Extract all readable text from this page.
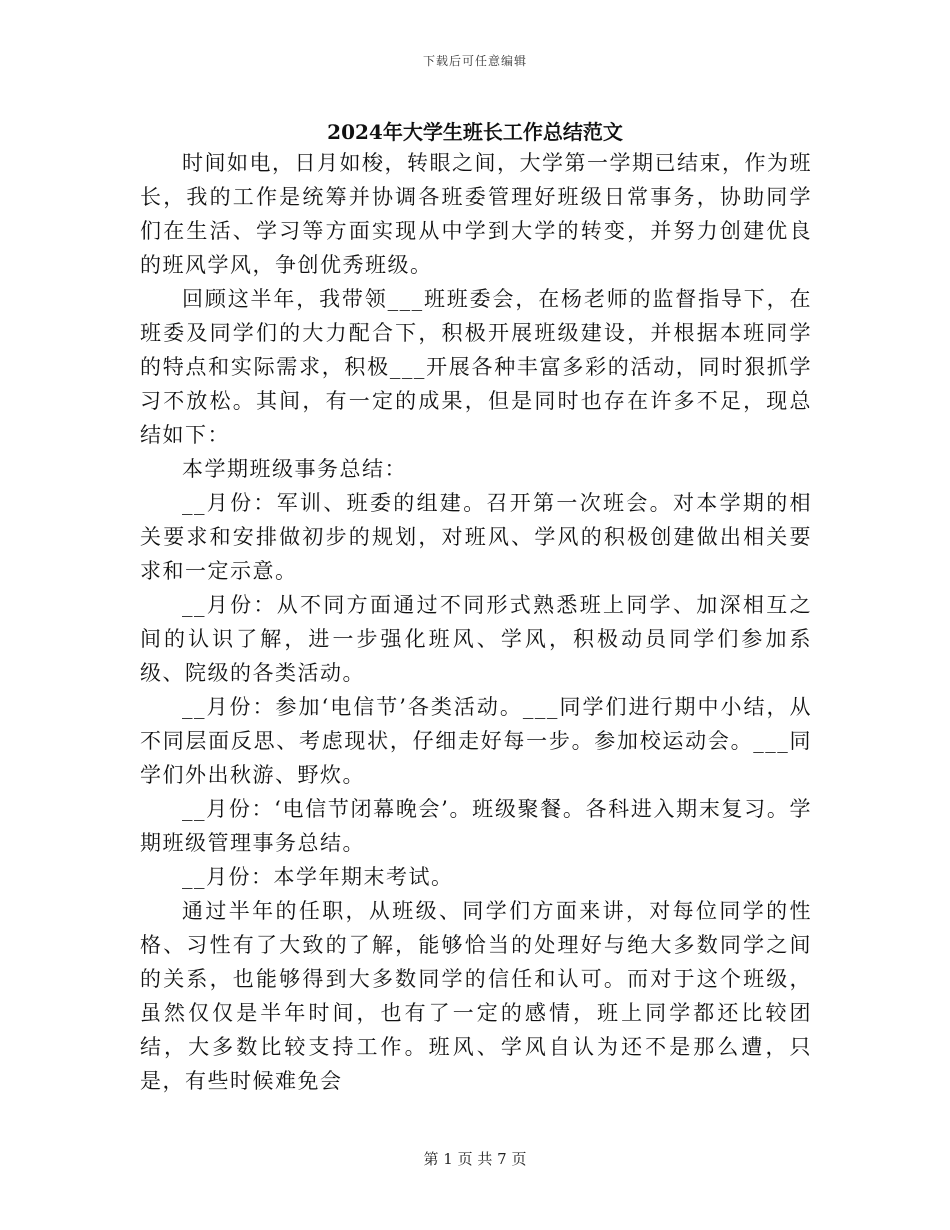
下载后可任意编辑
2024年大学生班长工作总结范文

时间如电，日月如梭，转眼之间，大学第一学期已结束，作为班长，我的工作是统筹并协调各班委管理好班级日常事务，协助同学们在生活、学习等方面实现从中学到大学的转变，并努力创建优良的班风学风，争创优秀班级。

回顾这半年，我带领___班班委会，在杨老师的监督指导下，在班委及同学们的大力配合下，积极开展班级建设，并根据本班同学的特点和实际需求，积极___开展各种丰富多彩的活动，同时狠抓学习不放松。其间，有一定的成果，但是同时也存在许多不足，现总结如下：

本学期班级事务总结：

__月份：军训、班委的组建。召开第一次班会。对本学期的相关要求和安排做初步的规划，对班风、学风的积极创建做出相关要求和一定示意。

__月份：从不同方面通过不同形式熟悉班上同学、加深相互之间的认识了解，进一步强化班风、学风，积极动员同学们参加系级、院级的各类活动。

__月份：参加‘电信节’各类活动。___同学们进行期中小结，从不同层面反思、考虑现状，仔细走好每一步。参加校运动会。___同学们外出秋游、野炊。

__月份：‘电信节闭幕晚会’。班级聚餐。各科进入期末复习。学期班级管理事务总结。

__月份：本学年期末考试。

通过半年的任职，从班级、同学们方面来讲，对每位同学的性格、习性有了大致的了解，能够恰当的处理好与绝大多数同学之间的关系，也能够得到大多数同学的信任和认可。而对于这个班级，虽然仅仅是半年时间，也有了一定的感情，班上同学都还比较团结，大多数比较支持工作。班风、学风自认为还不是那么遭，只是，有些时候难免会

第 1 页 共 7 页
